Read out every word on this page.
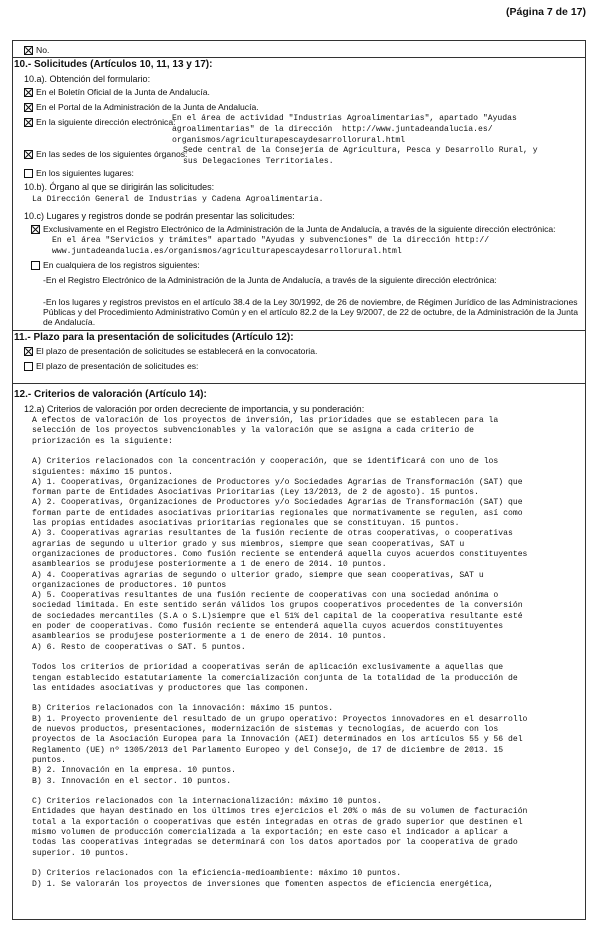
(Página 7 de 17)
No.
10.- Solicitudes (Artículos 10, 11, 13 y 17):
10.a). Obtención del formulario:
En el Boletín Oficial de la Junta de Andalucía.
En el Portal de la Administración de la Junta de Andalucía.
En la siguiente dirección electrónica:
En el área de actividad "Industrias Agroalimentarias", apartado "Ayudas
agroalimentarias" de la dirección  http://www.juntadeandalucia.es/
organismos/agriculturapescaydesarrollorural.html
En las sedes de los siguientes órganos:
Sede central de la Consejería de Agricultura, Pesca y Desarrollo Rural, y
sus Delegaciones Territoriales.
En los siguientes lugares:
10.b). Órgano al que se dirigirán las solicitudes:
La Dirección General de Industrias y Cadena Agroalimentaria.
10.c) Lugares y registros donde se podrán presentar las solicitudes:
Exclusivamente en el Registro Electrónico de la Administración de la Junta de Andalucía, a través de la siguiente dirección electrónica:
En el área "Servicios y trámites" apartado "Ayudas y subvenciones" de la dirección http://
www.juntadeandalucia.es/organismos/agriculturapescaydesarrollorural.html
En cualquiera de los registros siguientes:
-En el Registro Electrónico de la Administración de la Junta de Andalucía, a través de la siguiente dirección electrónica:
-En los lugares y registros previstos en el artículo 38.4 de la Ley 30/1992, de 26 de noviembre, de Régimen Jurídico de las Administraciones
Públicas y del Procedimiento Administrativo Común y en el artículo 82.2 de la Ley 9/2007, de 22 de octubre, de la Administración de la Junta
de Andalucía.
11.- Plazo para la presentación de solicitudes (Artículo 12):
El plazo de presentación de solicitudes se establecerá en la convocatoria.
El plazo de presentación de solicitudes es:
12.- Criterios de valoración (Artículo 14):
12.a) Criterios de valoración por orden decreciente de importancia, y su ponderación:
A efectos de valoración de los proyectos de inversión, las prioridades que se establecen para la
selección de los proyectos subvencionables y la valoración que se asigna a cada criterio de
priorización es la siguiente:
A) Criterios relacionados con la concentración y cooperación, que se identificará con uno de los
siguientes: máximo 15 puntos.
A) 1. Cooperativas, Organizaciones de Productores y/o Sociedades Agrarias de Transformación (SAT) que
forman parte de Entidades Asociativas Prioritarias (Ley 13/2013, de 2 de agosto). 15 puntos.
A) 2. Cooperativas, Organizaciones de Productores y/o Sociedades Agrarias de Transformación (SAT) que
forman parte de entidades asociativas prioritarias regionales que normativamente se regulen, así como
las propias entidades asociativas prioritarias regionales que se constituyan. 15 puntos.
A) 3. Cooperativas agrarias resultantes de la fusión reciente de otras cooperativas, o cooperativas
agrarias de segundo u ulterior grado y sus miembros, siempre que sean cooperativas, SAT u
organizaciones de productores. Como fusión reciente se entenderá aquella cuyos acuerdos constituyentes
asamblearios se produjese posteriormente a 1 de enero de 2014. 10 puntos.
A) 4. Cooperativas agrarias de segundo o ulterior grado, siempre que sean cooperativas, SAT u
organizaciones de productores. 10 puntos
A) 5. Cooperativas resultantes de una fusión reciente de cooperativas con una sociedad anónima o
sociedad limitada. En este sentido serán válidos los grupos cooperativos procedentes de la conversión
de sociedades mercantiles (S.A o S.L)siempre que el 51% del capital de la cooperativa resultante esté
en poder de cooperativas. Como fusión reciente se entenderá aquella cuyos acuerdos constituyentes
asamblearios se produjese posteriormente a 1 de enero de 2014. 10 puntos.
A) 6. Resto de cooperativas o SAT. 5 puntos.
Todos los criterios de prioridad a cooperativas serán de aplicación exclusivamente a aquellas que
tengan establecido estatutariamente la comercialización conjunta de la totalidad de la producción de
las entidades asociativas y productores que las componen.
B) Criterios relacionados con la innovación: máximo 15 puntos.
B) 1. Proyecto proveniente del resultado de un grupo operativo: Proyectos innovadores en el desarrollo
de nuevos productos, presentaciones, modernización de sistemas y tecnologías, de acuerdo con los
proyectos de la Asociación Europea para la Innovación (AEI) determinados en los artículos 55 y 56 del
Reglamento (UE) nº 1305/2013 del Parlamento Europeo y del Consejo, de 17 de diciembre de 2013. 15
puntos.
B) 2. Innovación en la empresa. 10 puntos.
B) 3. Innovación en el sector. 10 puntos.
C) Criterios relacionados con la internacionalización: máximo 10 puntos.
Entidades que hayan destinado en los últimos tres ejercicios el 20% o más de su volumen de facturación
total a la exportación o cooperativas que estén integradas en otras de grado superior que destinen el
mismo volumen de producción comercializada a la exportación; en este caso el indicador a aplicar a
todas las cooperativas integradas se determinará con los datos aportados por la cooperativa de grado
superior. 10 puntos.
D) Criterios relacionados con la eficiencia-medioambiente: máximo 10 puntos.
D) 1. Se valorarán los proyectos de inversiones que fomenten aspectos de eficiencia energética,
